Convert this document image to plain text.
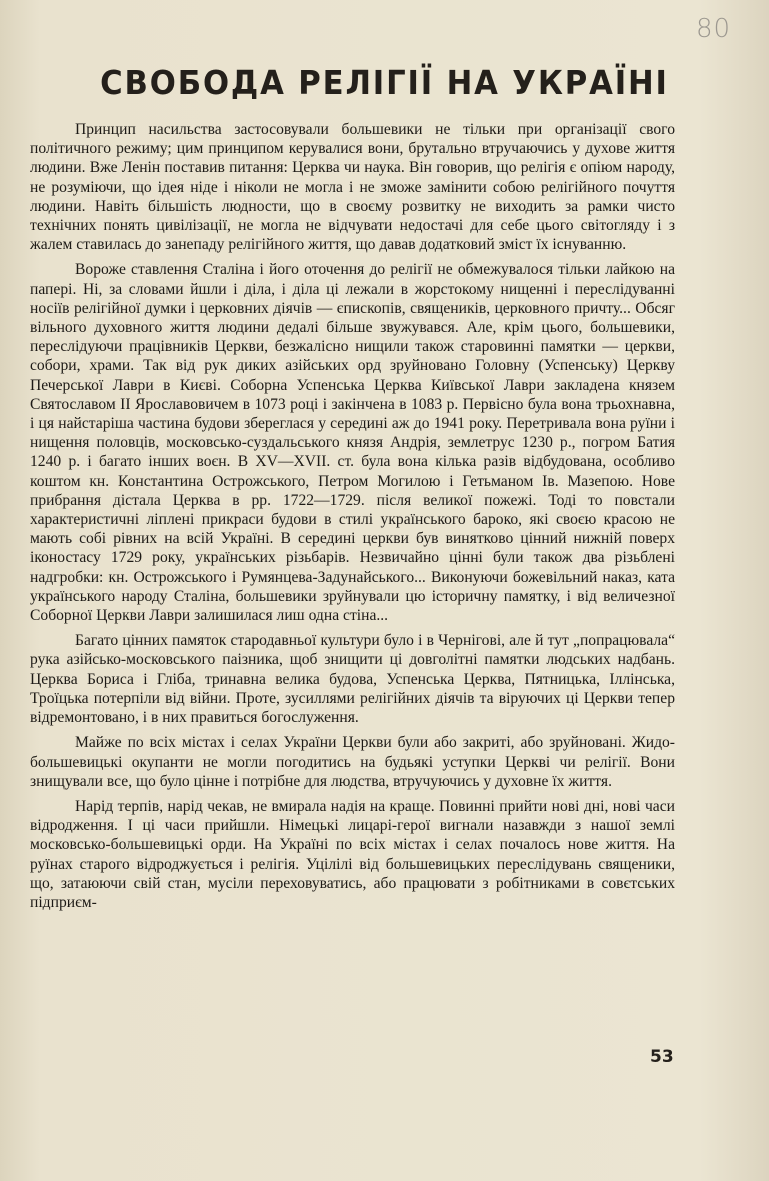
80
СВОБОДА РЕЛІГІЇ НА УКРАЇНІ

Принцип насильства застосовували большевики не тільки при організації свого політичного режиму; цим принципом керувалися вони, брутально втручаючись у духове життя людини. Вже Ленін поставив питання: Церква чи наука. Він говорив, що релігія є опіюм народу, не розуміючи, що ідея ніде і ніколи не могла і не зможе замінити собою релігійного почуття людини. Навіть більшість людности, що в своєму розвитку не виходить за рамки чисто технічних понять цивілізації, не могла не відчувати недостачі для себе цього світогляду і з жалем ставилась до занепаду релігійного життя, що давав додатковий зміст їх існуванню.

Вороже ставлення Сталіна і його оточення до релігії не обмежувалося тільки лайкою на папері. Ні, за словами йшли і діла, і діла ці лежали в жорстокому нищенні і переслідуванні носіїв релігійної думки і церковних діячів — єпископів, священиків, церковного причту... Обсяг вільного духовного життя людини дедалі більше звужувався. Але, крім цього, большевики, переслідуючи працівників Церкви, безжалісно нищили також старовинні памятки — церкви, собори, храми. Так від рук диких азійських орд зруйновано Головну (Успенську) Церкву Печерської Лаври в Києві. Соборна Успенська Церква Київської Лаври закладена князем Святославом II Ярославовичем в 1073 році і закінчена в 1083 р. Первісно була вона трьохнавна, і ця найстаріша частина будови збереглася у середині аж до 1941 року. Перетривала вона руїни і нищення половців, московсько-суздальського князя Андрія, землетрус 1230 р., погром Батия 1240 р. і багато інших воєн. В XV—XVII. ст. була вона кілька разів відбудована, особливо коштом кн. Константина Острожського, Петром Могилою і Гетьманом Ів. Мазепою. Нове прибрання дістала Церква в рр. 1722—1729. після великої пожежі. Тоді то повстали характеристичні ліплені прикраси будови в стилі українського бароко, які своєю красою не мають собі рівних на всій Україні. В середині церкви був винятково цінний нижній поверх іконостасу 1729 року, українських різьбарів. Незвичайно цінні були також два різьблені надгробки: кн. Острожського і Румянцева-Задунайського... Виконуючи божевільний наказ, ката українського народу Сталіна, большевики зруйнували цю історичну памятку, і від величезної Соборної Церкви Лаври залишилася лиш одна стіна...

Багато цінних памяток стародавньої культури було і в Чернігові, але й тут „попрацювала“ рука азійсько-московського паізника, щоб знищити ці довголітні памятки людських надбань. Церква Бориса і Гліба, тринавна велика будова, Успенська Церква, Пятницька, Іллінська, Троїцька потерпіли від війни. Проте, зусиллями релігійних діячів та віруючих ці Церкви тепер відремонтовано, і в них правиться богослуження.

Майже по всіх містах і селах України Церкви були або закриті, або зруйновані. Жидо-большевицькі окупанти не могли погодитись на будьякі уступки Церкві чи релігії. Вони знищували все, що було цінне і потрібне для людства, втручуючись у духовне їх життя.

Нарід терпів, нарід чекав, не вмирала надія на краще. Повинні прийти нові дні, нові часи відродження. І ці часи прийшли. Німецькі лицарі-герої вигнали назавжди з нашої землі московсько-большевицькі орди. На Україні по всіх містах і селах почалось нове життя. На руїнах старого відроджується і релігія. Уцілілі від большевицьких переслідувань священики, що, затаюючи свій стан, мусіли переховуватись, або працювати з робітниками в совєтських підприєм-

53
